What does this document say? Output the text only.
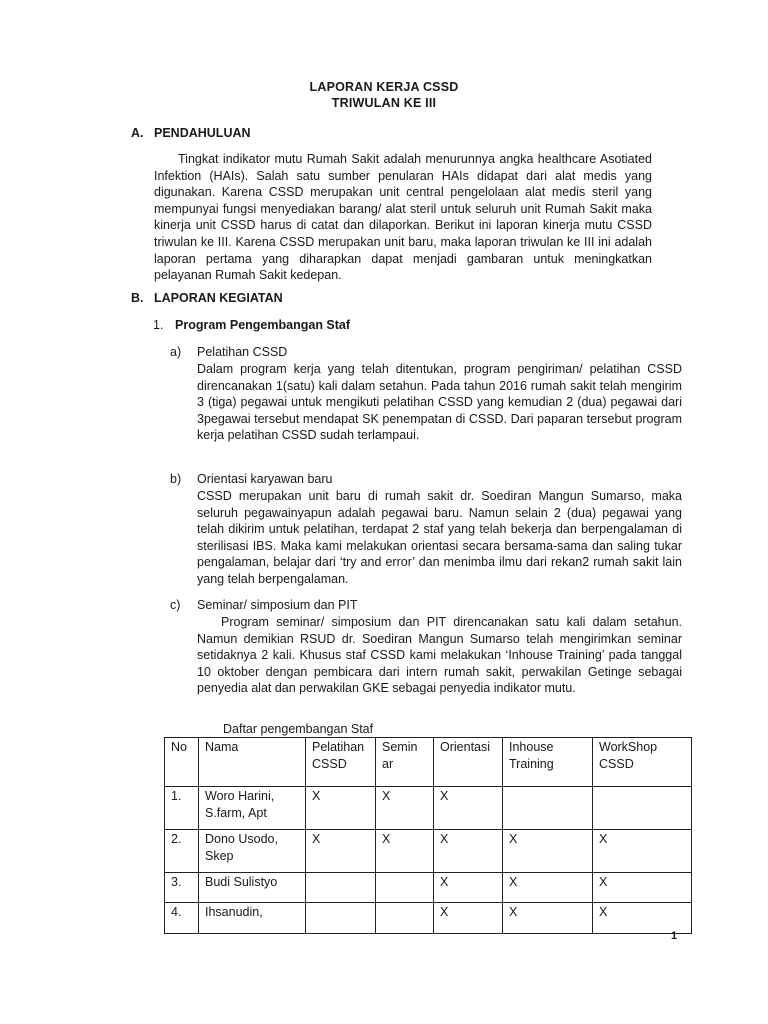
LAPORAN KERJA CSSD
TRIWULAN KE III
A. PENDAHULUAN
Tingkat indikator mutu Rumah Sakit adalah menurunnya angka healthcare Asotiated Infektion (HAIs). Salah satu sumber penularan HAIs didapat dari alat medis yang digunakan. Karena CSSD merupakan unit central pengelolaan alat medis steril yang mempunyai fungsi menyediakan barang/ alat steril untuk seluruh unit Rumah Sakit maka kinerja unit CSSD harus di catat dan dilaporkan. Berikut ini laporan kinerja mutu CSSD triwulan ke III. Karena CSSD merupakan unit baru, maka laporan triwulan ke III ini adalah laporan pertama yang diharapkan dapat menjadi gambaran untuk meningkatkan pelayanan Rumah Sakit kedepan.
B. LAPORAN KEGIATAN
1. Program Pengembangan Staf
a) Pelatihan CSSD
Dalam program kerja yang telah ditentukan, program pengiriman/ pelatihan CSSD direncanakan 1(satu) kali dalam setahun. Pada tahun 2016 rumah sakit telah mengirim 3 (tiga) pegawai untuk mengikuti pelatihan CSSD yang kemudian 2 (dua) pegawai dari 3pegawai tersebut mendapat SK penempatan di CSSD. Dari paparan tersebut program kerja pelatihan CSSD sudah terlampaui.
b) Orientasi karyawan baru
CSSD merupakan unit baru di rumah sakit dr. Soediran Mangun Sumarso, maka seluruh pegawainyapun adalah pegawai baru. Namun selain 2 (dua) pegawai yang telah dikirim untuk pelatihan, terdapat 2 staf yang telah bekerja dan berpengalaman di sterilisasi IBS. Maka kami melakukan orientasi secara bersama-sama dan saling tukar pengalaman, belajar dari ‘try and error’ dan menimba ilmu dari rekan2 rumah sakit lain yang telah berpengalaman.
c) Seminar/ simposium dan PIT
Program seminar/ simposium dan PIT direncanakan satu kali dalam setahun. Namun demikian RSUD dr. Soediran Mangun Sumarso telah mengirimkan seminar setidaknya 2 kali. Khusus staf CSSD kami melakukan ‘Inhouse Training’ pada tanggal 10 oktober dengan pembicara dari intern rumah sakit, perwakilan Getinge sebagai penyedia alat dan perwakilan GKE sebagai penyedia indikator mutu.
Daftar pengembangan Staf
No	Nama	Pelatihan CSSD	Semin ar	Orientasi	Inhouse Training	WorkShop CSSD
1.	Woro Harini, S.farm, Apt	X	X	X		
2.	Dono Usodo, Skep	X	X	X	X	X
3.	Budi Sulistyo			X	X	X
4.	Ihsanudin,			X	X	X
1
